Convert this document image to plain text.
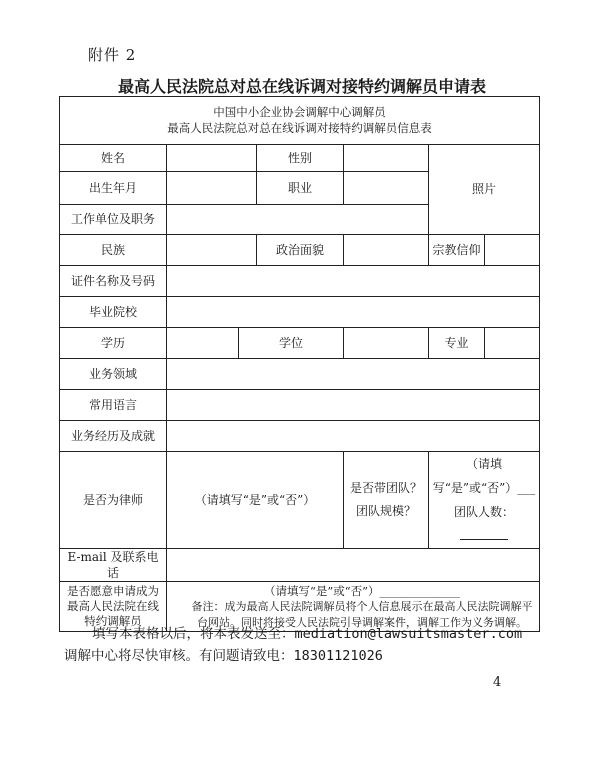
附件 2
最高人民法院总对总在线诉调对接特约调解员申请表
中国中小企业协会调解中心调解员
最高人民法院总对总在线诉调对接特约调解员信息表						

姓名			性别		照片	
出生年月			职业			
工作单位及职务						
民族			政治面貌		宗教信仰	
证件名称及号码						
毕业院校						
学历		学位			专业	
业务领域						
常用语言						
业务经历及成就						
是否为律师	（请填写“是”或“否”）			是否带团队？团队规模？	（请填写“是”或“否”）___
团队人数：	

E-mail 及联系电话						
是否愿意申请成为最高人民法院在线特约调解员	（请填写“是”或“否”）______________
备注：成为最高人民法院调解员将个人信息展示在最高人民法院调解平台网站。同时将接受人民法院引导调解案件，调解工作为义务调解。					
填写本表格以后，将本表发送至：mediation@lawsuitsmaster.com
调解中心将尽快审核。有问题请致电：18301121026
4
